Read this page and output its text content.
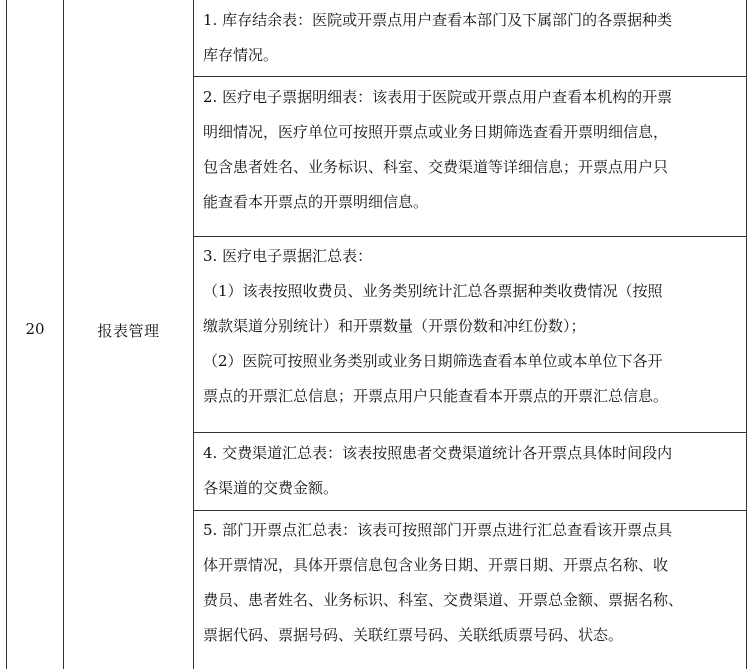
20	报表管理
1. 库存结余表：医院或开票点用户查看本部门及下属部门的各票据种类
库存情况。
2. 医疗电子票据明细表：该表用于医院或开票点用户查看本机构的开票
明细情况，医疗单位可按照开票点或业务日期筛选查看开票明细信息，
包含患者姓名、业务标识、科室、交费渠道等详细信息；开票点用户只
能查看本开票点的开票明细信息。
3. 医疗电子票据汇总表：
（1）该表按照收费员、业务类别统计汇总各票据种类收费情况（按照
缴款渠道分别统计）和开票数量（开票份数和冲红份数）；
（2）医院可按照业务类别或业务日期筛选查看本单位或本单位下各开
票点的开票汇总信息；开票点用户只能查看本开票点的开票汇总信息。
4. 交费渠道汇总表：该表按照患者交费渠道统计各开票点具体时间段内
各渠道的交费金额。
5. 部门开票点汇总表：该表可按照部门开票点进行汇总查看该开票点具
体开票情况，具体开票信息包含业务日期、开票日期、开票点名称、收
费员、患者姓名、业务标识、科室、交费渠道、开票总金额、票据名称、
票据代码、票据号码、关联红票号码、关联纸质票号码、状态。
